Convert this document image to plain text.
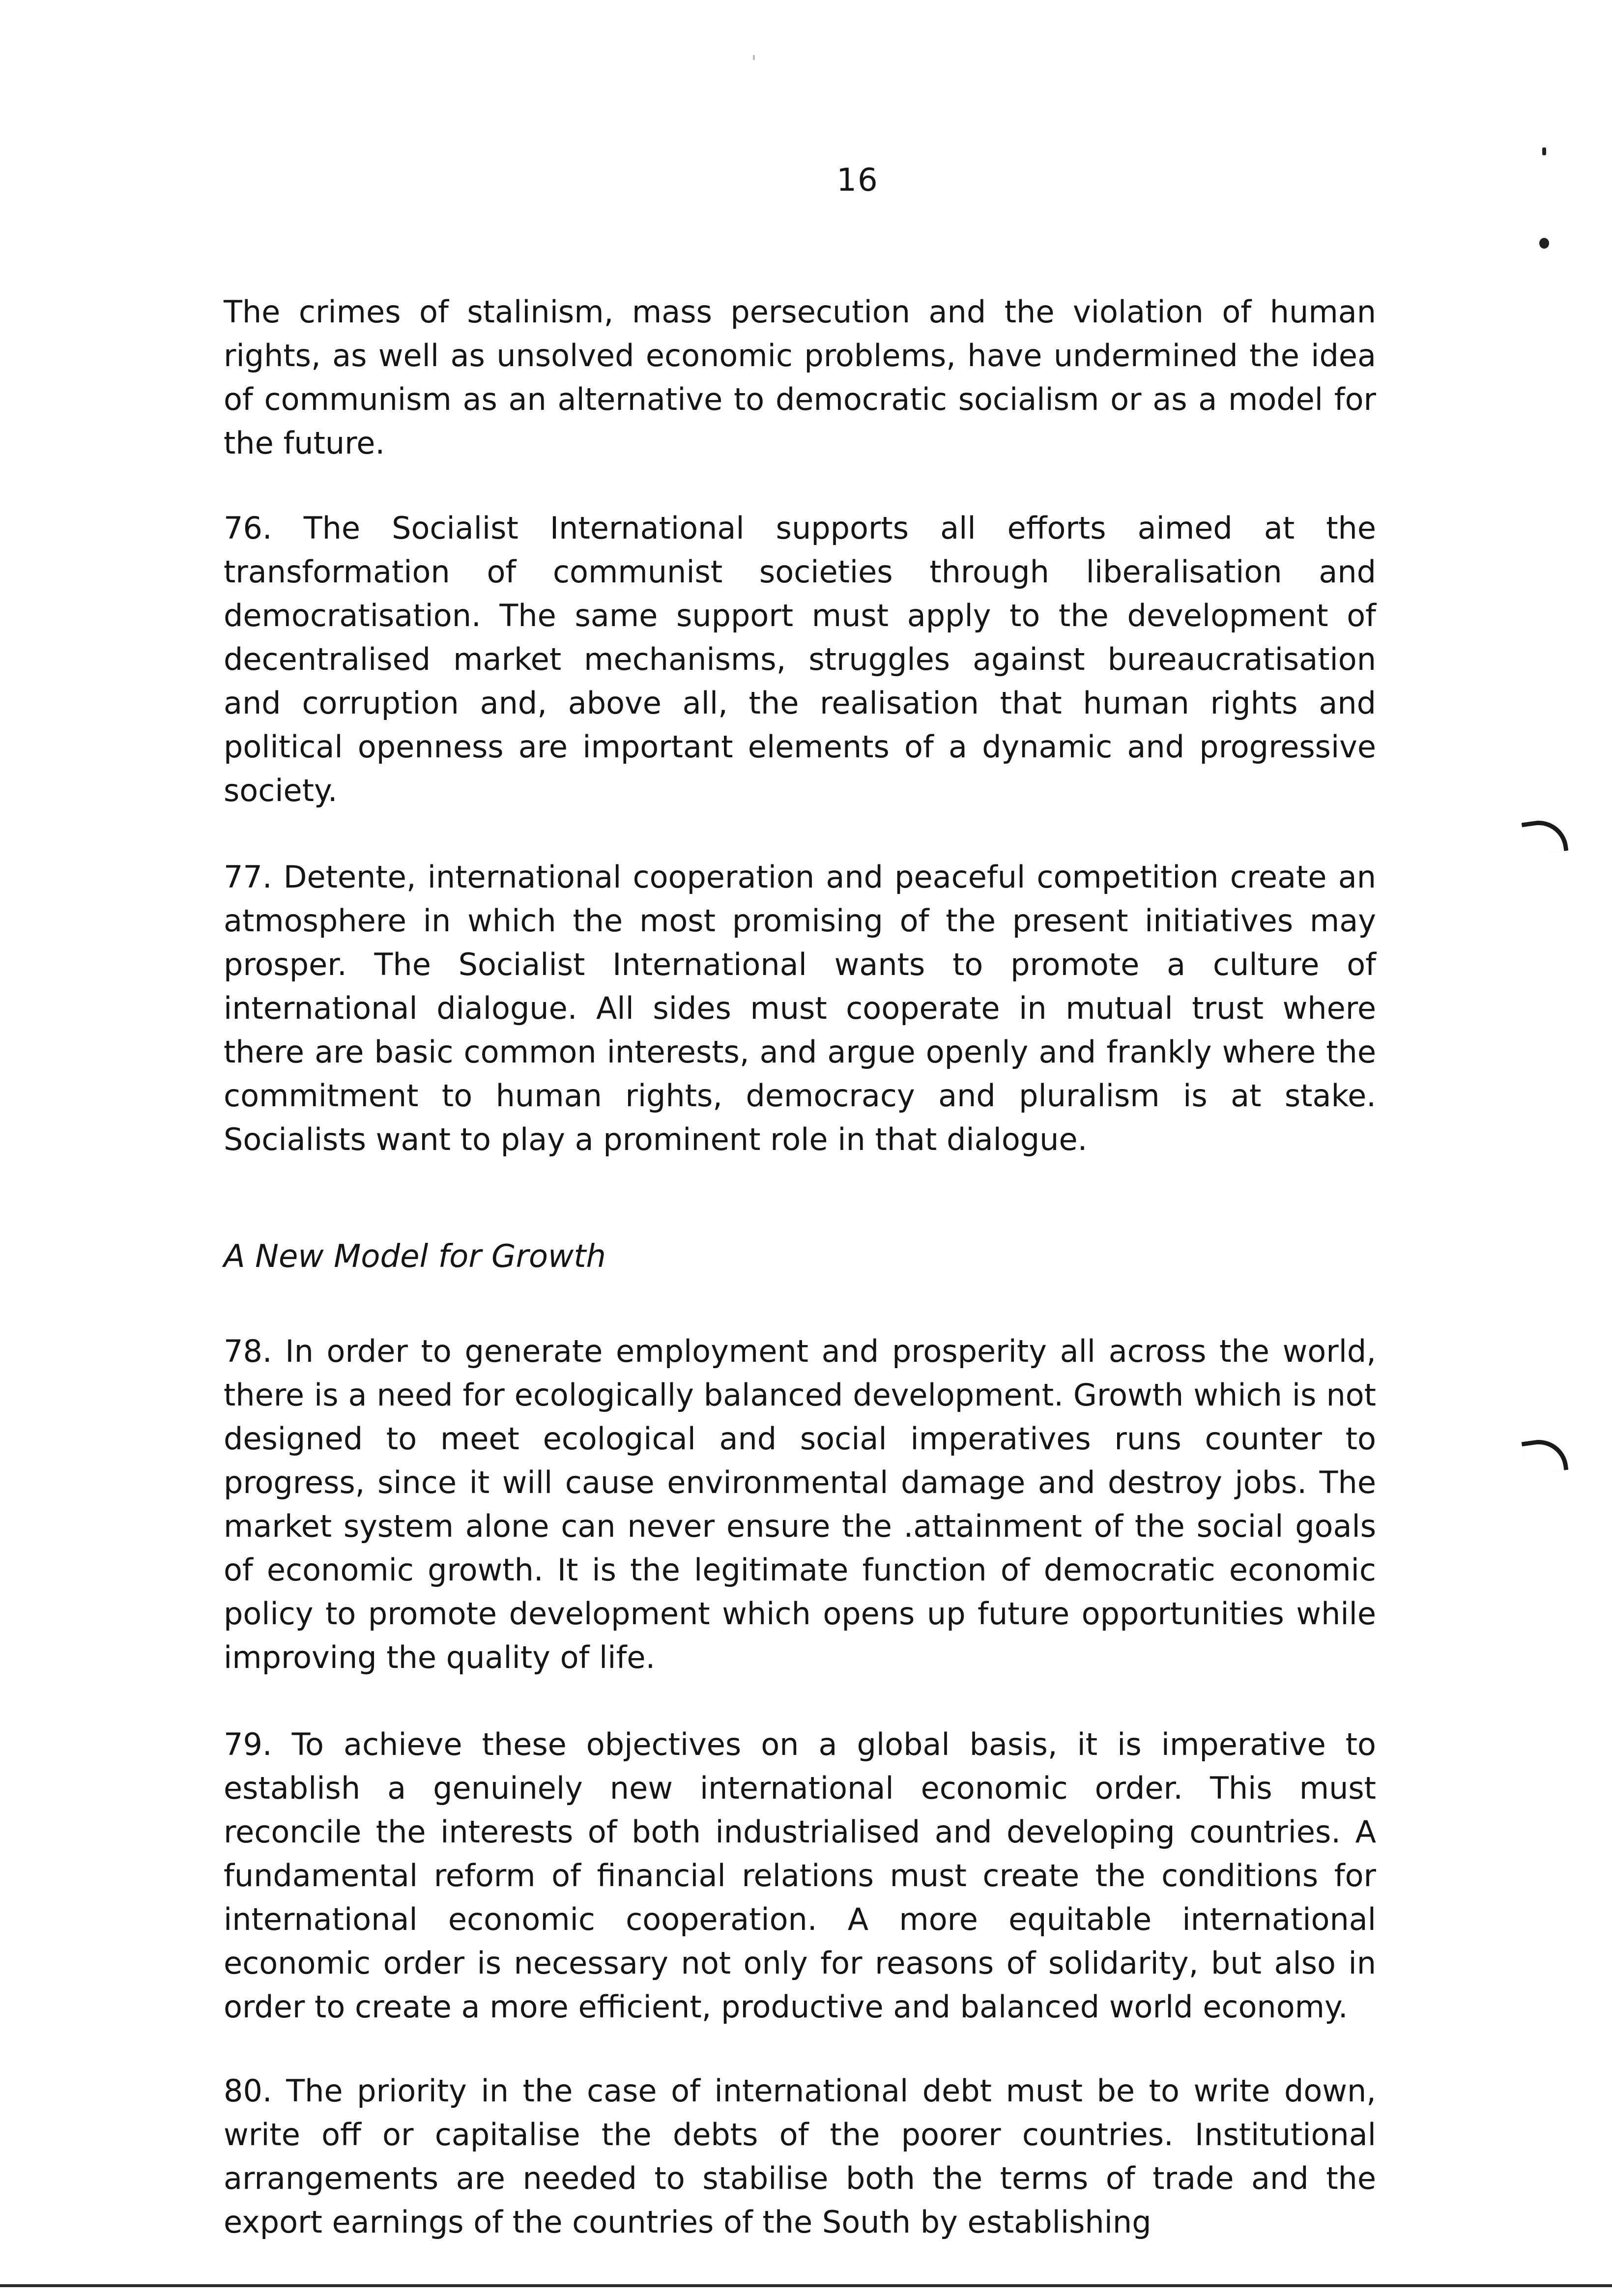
16

The crimes of stalinism, mass persecution and the violation of human rights, as well as unsolved economic problems, have undermined the idea of communism as an alternative to democratic socialism or as a model for the future.

76. The Socialist International supports all efforts aimed at the transformation of communist societies through liberalisation and democratisation. The same support must apply to the development of decentralised market mechanisms, struggles against bureaucratisation and corruption and, above all, the realisation that human rights and political openness are important elements of a dynamic and progressive society.

77. Detente, international cooperation and peaceful competition create an atmosphere in which the most promising of the present initiatives may prosper. The Socialist International wants to promote a culture of international dialogue. All sides must cooperate in mutual trust where there are basic common interests, and argue openly and frankly where the commitment to human rights, democracy and pluralism is at stake. Socialists want to play a prominent role in that dialogue.

A New Model for Growth

78. In order to generate employment and prosperity all across the world, there is a need for ecologically balanced development. Growth which is not designed to meet ecological and social imperatives runs counter to progress, since it will cause environmental damage and destroy jobs. The market system alone can never ensure the .attainment of the social goals of economic growth. It is the legitimate function of democratic economic policy to promote development which opens up future opportunities while improving the quality of life.

79. To achieve these objectives on a global basis, it is imperative to establish a genuinely new international economic order. This must reconcile the interests of both industrialised and developing countries. A fundamental reform of financial relations must create the conditions for international economic cooperation. A more equitable international economic order is necessary not only for reasons of solidarity, but also in order to create a more efficient, productive and balanced world economy.

80. The priority in the case of international debt must be to write down, write off or capitalise the debts of the poorer countries. Institutional arrangements are needed to stabilise both the terms of trade and the export earnings of the countries of the South by establishing
